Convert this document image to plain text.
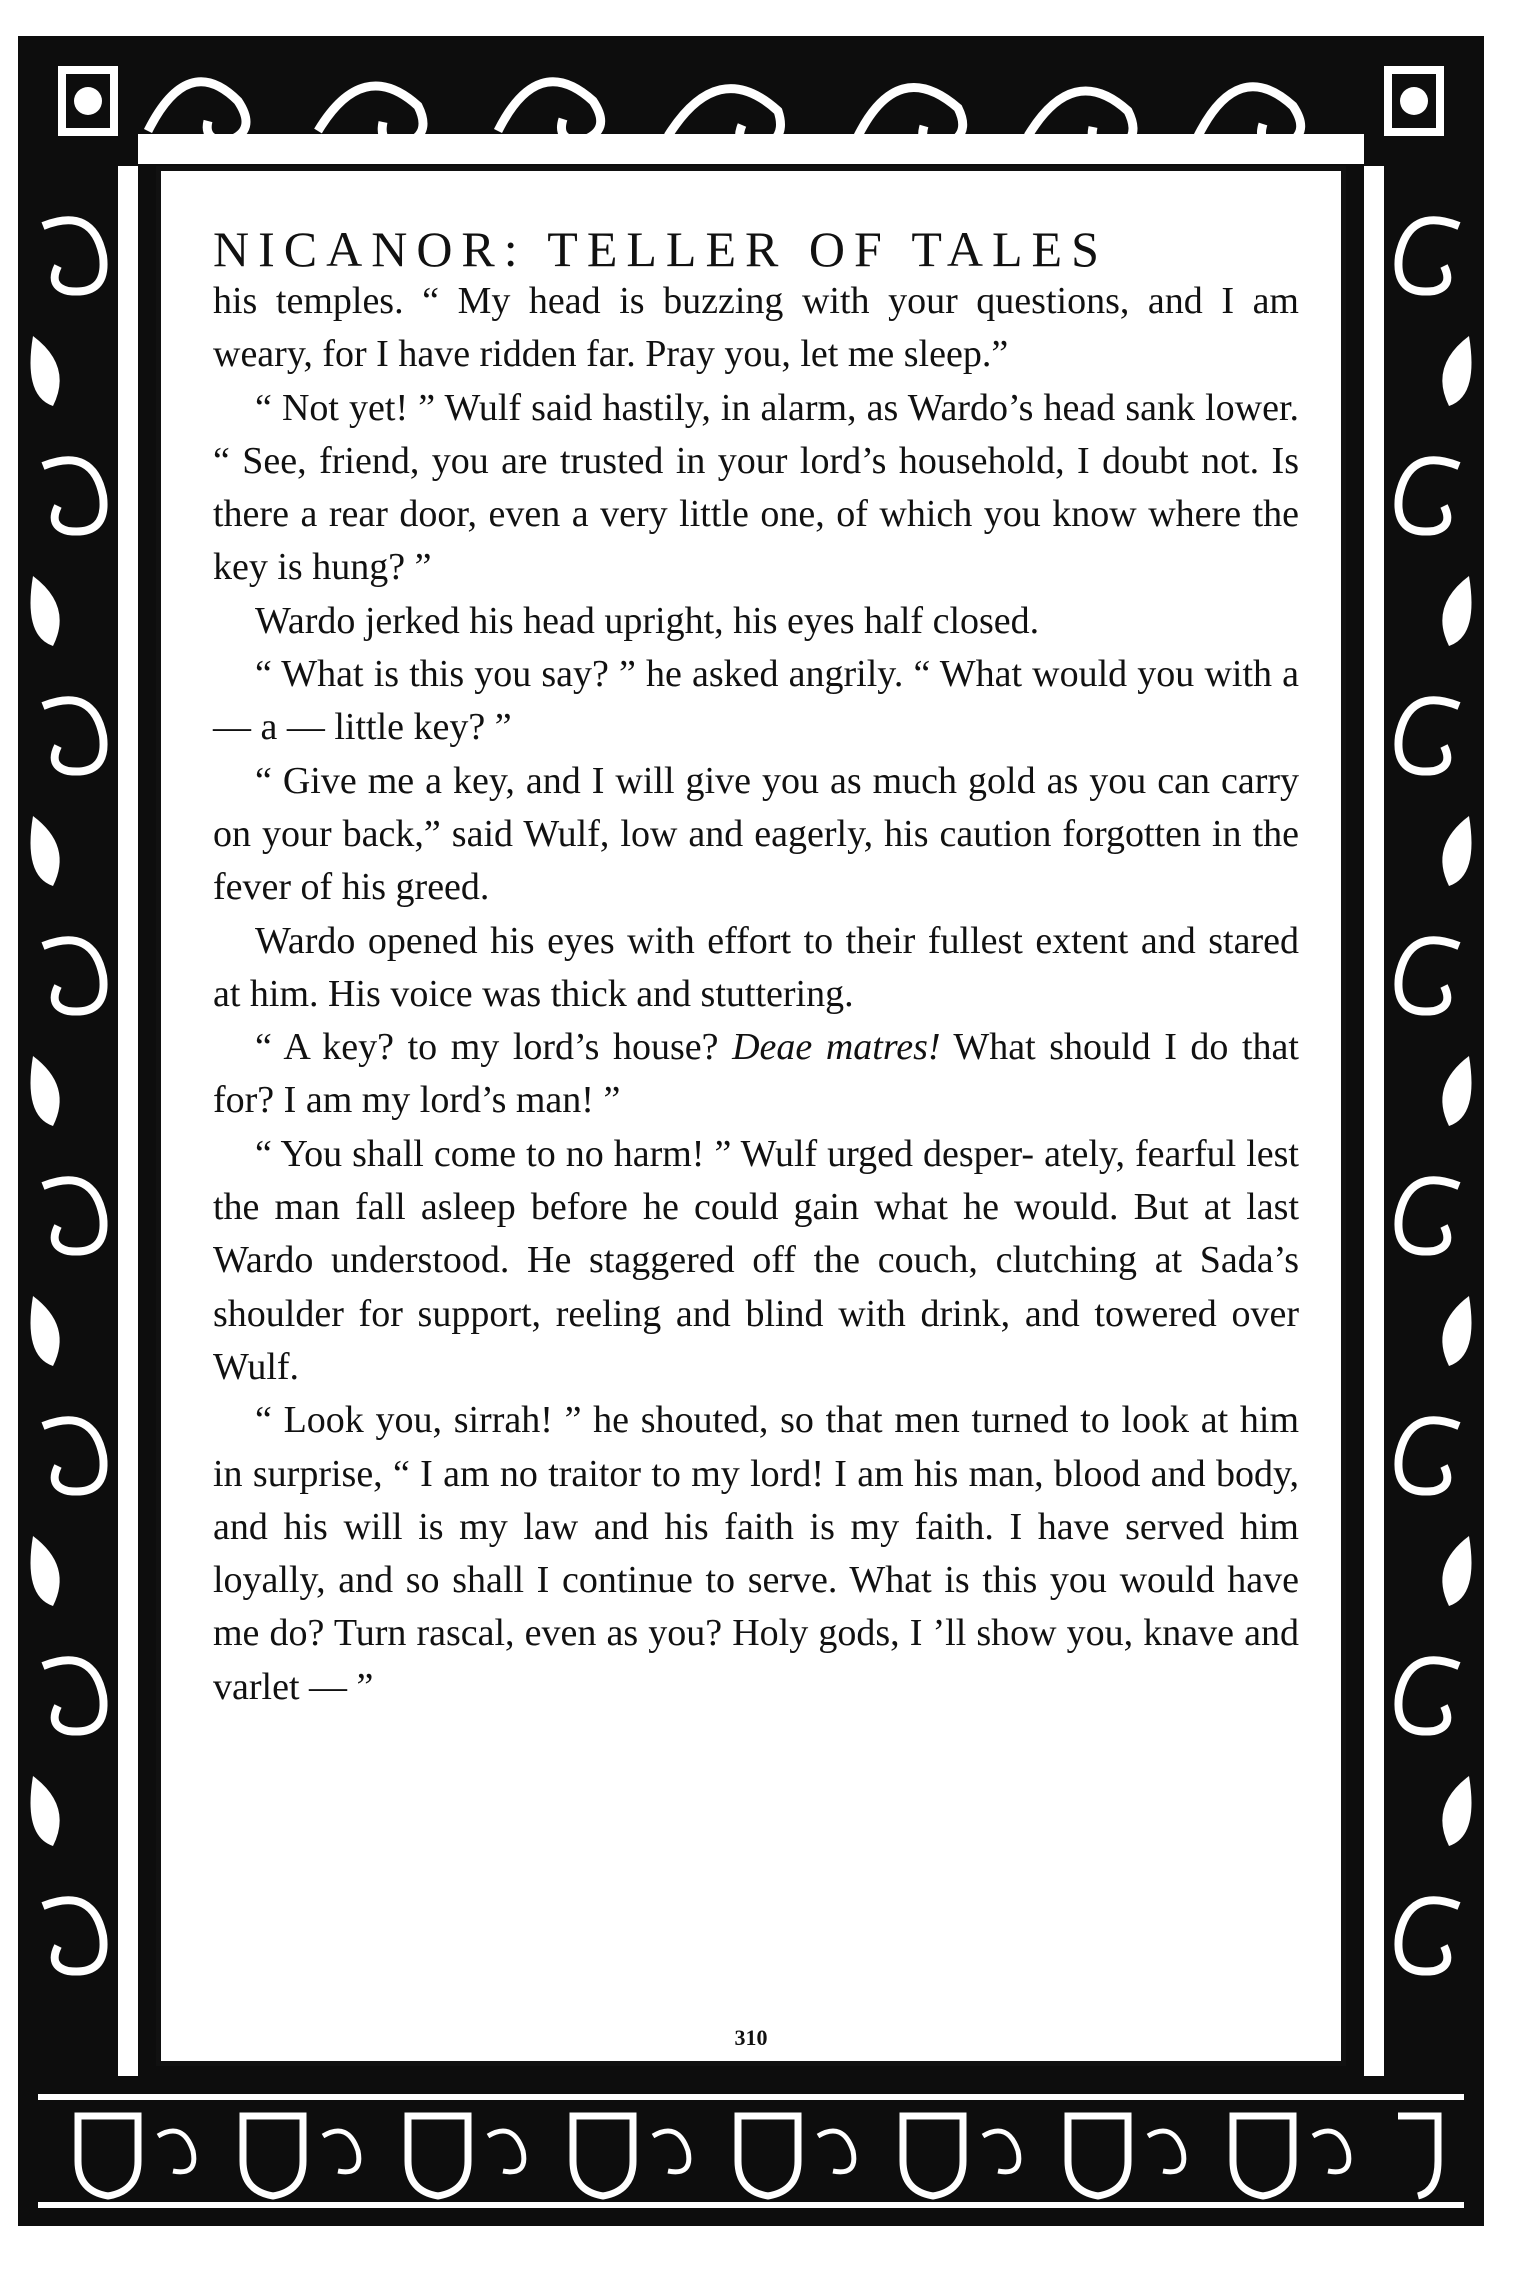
NICANOR: TELLER OF TALES

his temples. “ My head is buzzing with your questions, and I am weary, for I have ridden far. Pray you, let me sleep.”

“ Not yet! ” Wulf said hastily, in alarm, as Wardo’s head sank lower. “ See, friend, you are trusted in your lord’s household, I doubt not. Is there a rear door, even a very little one, of which you know where the key is hung? ”

Wardo jerked his head upright, his eyes half closed.

“ What is this you say? ” he asked angrily. “ What would you with a — a — little key? ”

“ Give me a key, and I will give you as much gold as you can carry on your back,” said Wulf, low and eagerly, his caution forgotten in the fever of his greed.

Wardo opened his eyes with effort to their fullest extent and stared at him. His voice was thick and stuttering.

“ A key? to my lord’s house? Deae matres! What should I do that for? I am my lord’s man! ”

“ You shall come to no harm! ” Wulf urged desper- ately, fearful lest the man fall asleep before he could gain what he would. But at last Wardo understood. He staggered off the couch, clutching at Sada’s shoulder for support, reeling and blind with drink, and towered over Wulf.

“ Look you, sirrah! ” he shouted, so that men turned to look at him in surprise, “ I am no traitor to my lord! I am his man, blood and body, and his will is my law and his faith is my faith. I have served him loyally, and so shall I continue to serve. What is this you would have me do? Turn rascal, even as you? Holy gods, I ’ll show you, knave and varlet — ”

310
